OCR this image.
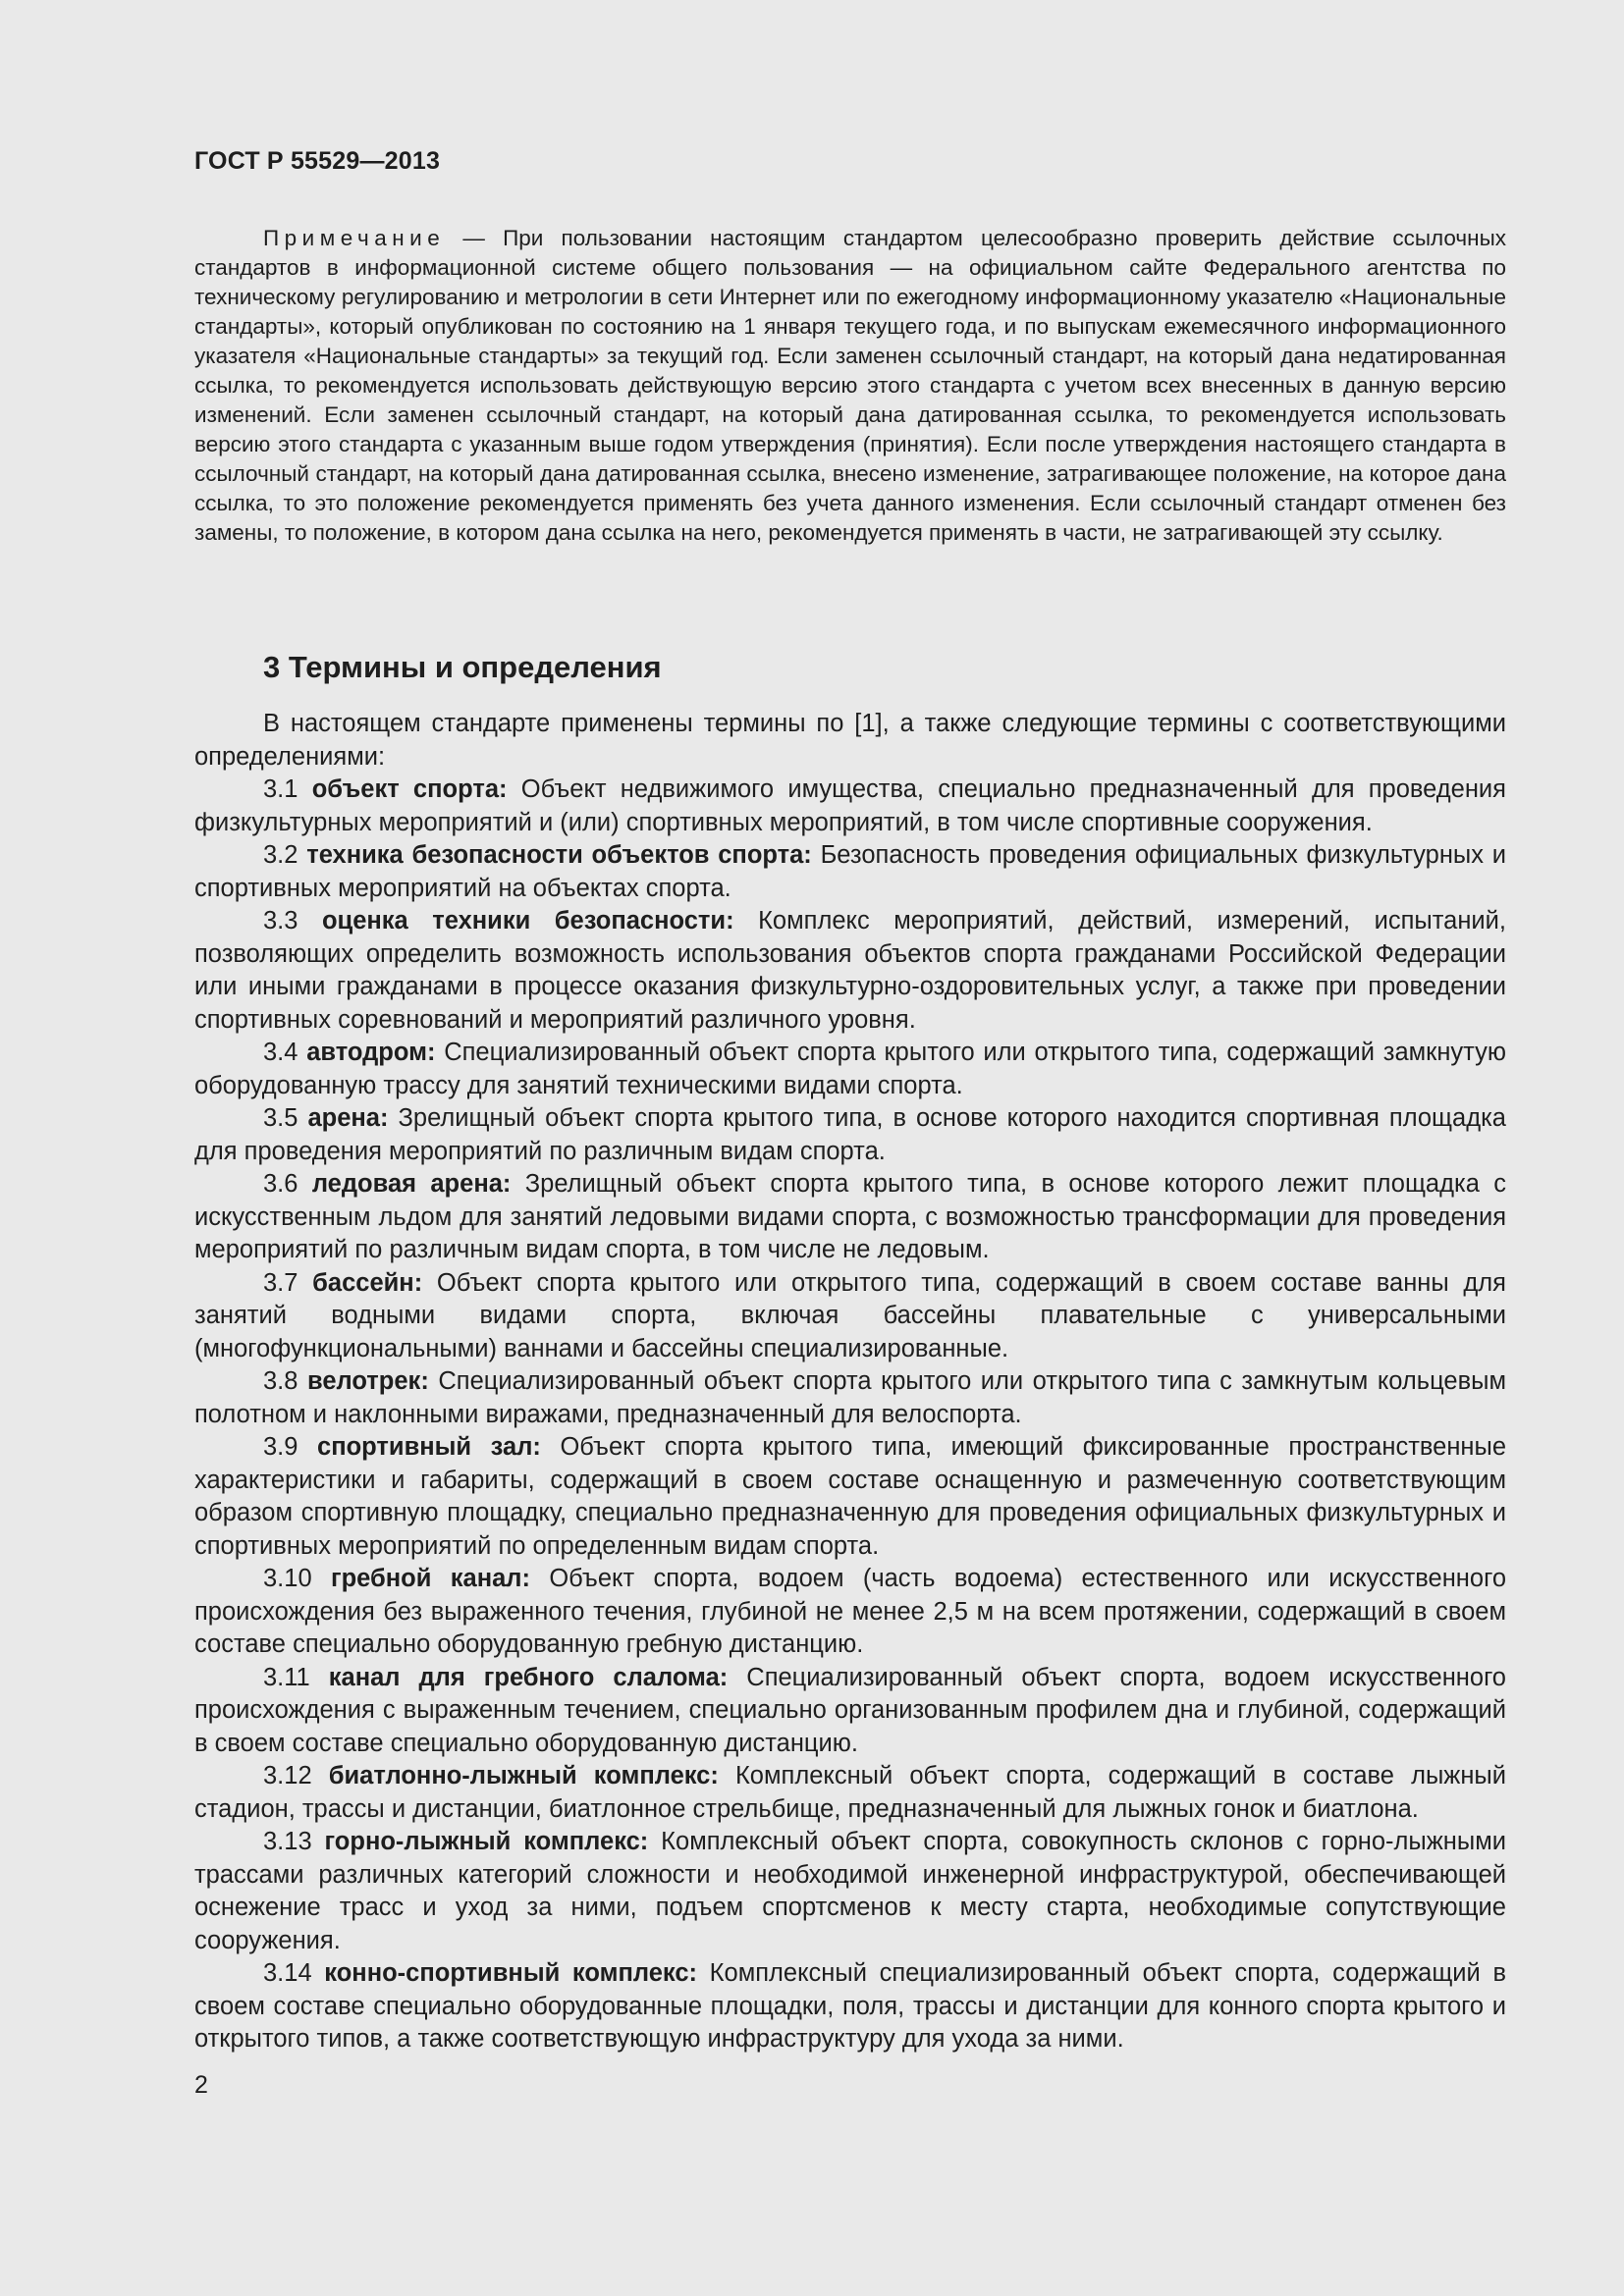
ГОСТ Р 55529—2013

Примечание — При пользовании настоящим стандартом целесообразно проверить действие ссылочных стандартов в информационной системе общего пользования — на официальном сайте Федерального агентства по техническому регулированию и метрологии в сети Интернет или по ежегодному информационному указателю «Национальные стандарты», который опубликован по состоянию на 1 января текущего года, и по выпускам ежемесячного информационного указателя «Национальные стандарты» за текущий год. Если заменен ссылочный стандарт, на который дана недатированная ссылка, то рекомендуется использовать действующую версию этого стандарта с учетом всех внесенных в данную версию изменений. Если заменен ссылочный стандарт, на который дана датированная ссылка, то рекомендуется использовать версию этого стандарта с указанным выше годом утверждения (принятия). Если после утверждения настоящего стандарта в ссылочный стандарт, на который дана датированная ссылка, внесено изменение, затрагивающее положение, на которое дана ссылка, то это положение рекомендуется применять без учета данного изменения. Если ссылочный стандарт отменен без замены, то положение, в котором дана ссылка на него, рекомендуется применять в части, не затрагивающей эту ссылку.

3 Термины и определения

В настоящем стандарте применены термины по [1], а также следующие термины с соответствующими определениями:

3.1 объект спорта: Объект недвижимого имущества, специально предназначенный для проведения физкультурных мероприятий и (или) спортивных мероприятий, в том числе спортивные сооружения.

3.2 техника безопасности объектов спорта: Безопасность проведения официальных физкультурных и спортивных мероприятий на объектах спорта.

3.3 оценка техники безопасности: Комплекс мероприятий, действий, измерений, испытаний, позволяющих определить возможность использования объектов спорта гражданами Российской Федерации или иными гражданами в процессе оказания физкультурно-оздоровительных услуг, а также при проведении спортивных соревнований и мероприятий различного уровня.

3.4 автодром: Специализированный объект спорта крытого или открытого типа, содержащий замкнутую оборудованную трассу для занятий техническими видами спорта.

3.5 арена: Зрелищный объект спорта крытого типа, в основе которого находится спортивная площадка для проведения мероприятий по различным видам спорта.

3.6 ледовая арена: Зрелищный объект спорта крытого типа, в основе которого лежит площадка с искусственным льдом для занятий ледовыми видами спорта, с возможностью трансформации для проведения мероприятий по различным видам спорта, в том числе не ледовым.

3.7 бассейн: Объект спорта крытого или открытого типа, содержащий в своем составе ванны для занятий водными видами спорта, включая бассейны плавательные с универсальными (многофункциональными) ваннами и бассейны специализированные.

3.8 велотрек: Специализированный объект спорта крытого или открытого типа с замкнутым кольцевым полотном и наклонными виражами, предназначенный для велоспорта.

3.9 спортивный зал: Объект спорта крытого типа, имеющий фиксированные пространственные характеристики и габариты, содержащий в своем составе оснащенную и размеченную соответствующим образом спортивную площадку, специально предназначенную для проведения официальных физкультурных и спортивных мероприятий по определенным видам спорта.

3.10 гребной канал: Объект спорта, водоем (часть водоема) естественного или искусственного происхождения без выраженного течения, глубиной не менее 2,5 м на всем протяжении, содержащий в своем составе специально оборудованную гребную дистанцию.

3.11 канал для гребного слалома: Специализированный объект спорта, водоем искусственного происхождения с выраженным течением, специально организованным профилем дна и глубиной, содержащий в своем составе специально оборудованную дистанцию.

3.12 биатлонно-лыжный комплекс: Комплексный объект спорта, содержащий в составе лыжный стадион, трассы и дистанции, биатлонное стрельбище, предназначенный для лыжных гонок и биатлона.

3.13 горно-лыжный комплекс: Комплексный объект спорта, совокупность склонов с горно-лыжными трассами различных категорий сложности и необходимой инженерной инфраструктурой, обеспечивающей оснежение трасс и уход за ними, подъем спортсменов к месту старта, необходимые сопутствующие сооружения.

3.14 конно-спортивный комплекс: Комплексный специализированный объект спорта, содержащий в своем составе специально оборудованные площадки, поля, трассы и дистанции для конного спорта крытого и открытого типов, а также соответствующую инфраструктуру для ухода за ними.

2
